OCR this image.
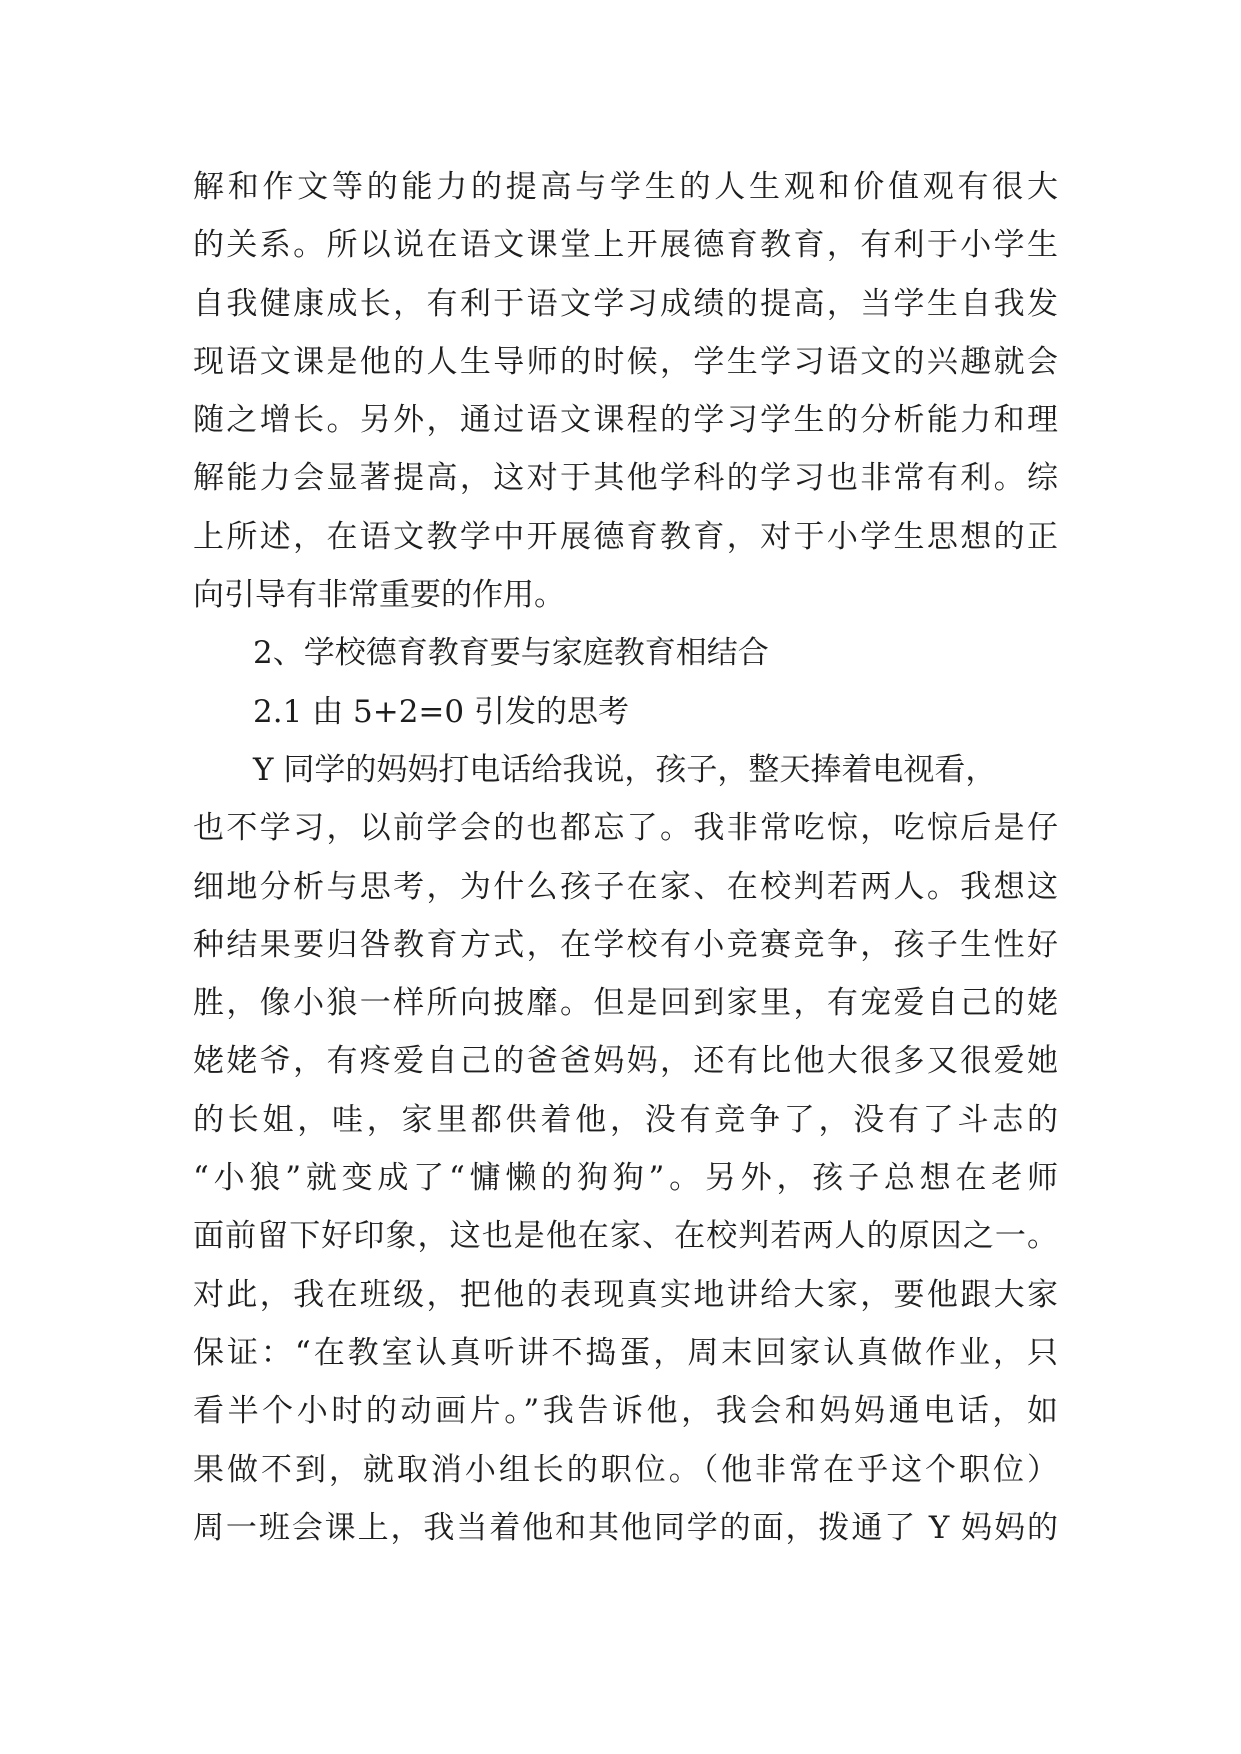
解和作文等的能力的提高与学生的人生观和价值观有很大
的关系。所以说在语文课堂上开展德育教育，有利于小学生
自我健康成长，有利于语文学习成绩的提高，当学生自我发
现语文课是他的人生导师的时候，学生学习语文的兴趣就会
随之增长。另外，通过语文课程的学习学生的分析能力和理
解能力会显著提高，这对于其他学科的学习也非常有利。综
上所述，在语文教学中开展德育教育，对于小学生思想的正
向引导有非常重要的作用。
2、学校德育教育要与家庭教育相结合
2.1 由 5+2=0 引发的思考
Y 同学的妈妈打电话给我说，孩子，整天捧着电视看，
也不学习，以前学会的也都忘了。我非常吃惊，吃惊后是仔
细地分析与思考，为什么孩子在家、在校判若两人。我想这
种结果要归咎教育方式，在学校有小竞赛竞争，孩子生性好
胜，像小狼一样所向披靡。但是回到家里，有宠爱自己的姥
姥姥爷，有疼爱自己的爸爸妈妈，还有比他大很多又很爱她
的长姐，哇，家里都供着他，没有竞争了，没有了斗志的
“小狼”就变成了“慵懒的狗狗”。另外，孩子总想在老师
面前留下好印象，这也是他在家、在校判若两人的原因之一。
对此，我在班级，把他的表现真实地讲给大家，要他跟大家
保证：“在教室认真听讲不捣蛋，周末回家认真做作业，只
看半个小时的动画片。”我告诉他，我会和妈妈通电话，如
果做不到，就取消小组长的职位。（他非常在乎这个职位）
周一班会课上，我当着他和其他同学的面，拨通了 Y 妈妈的
